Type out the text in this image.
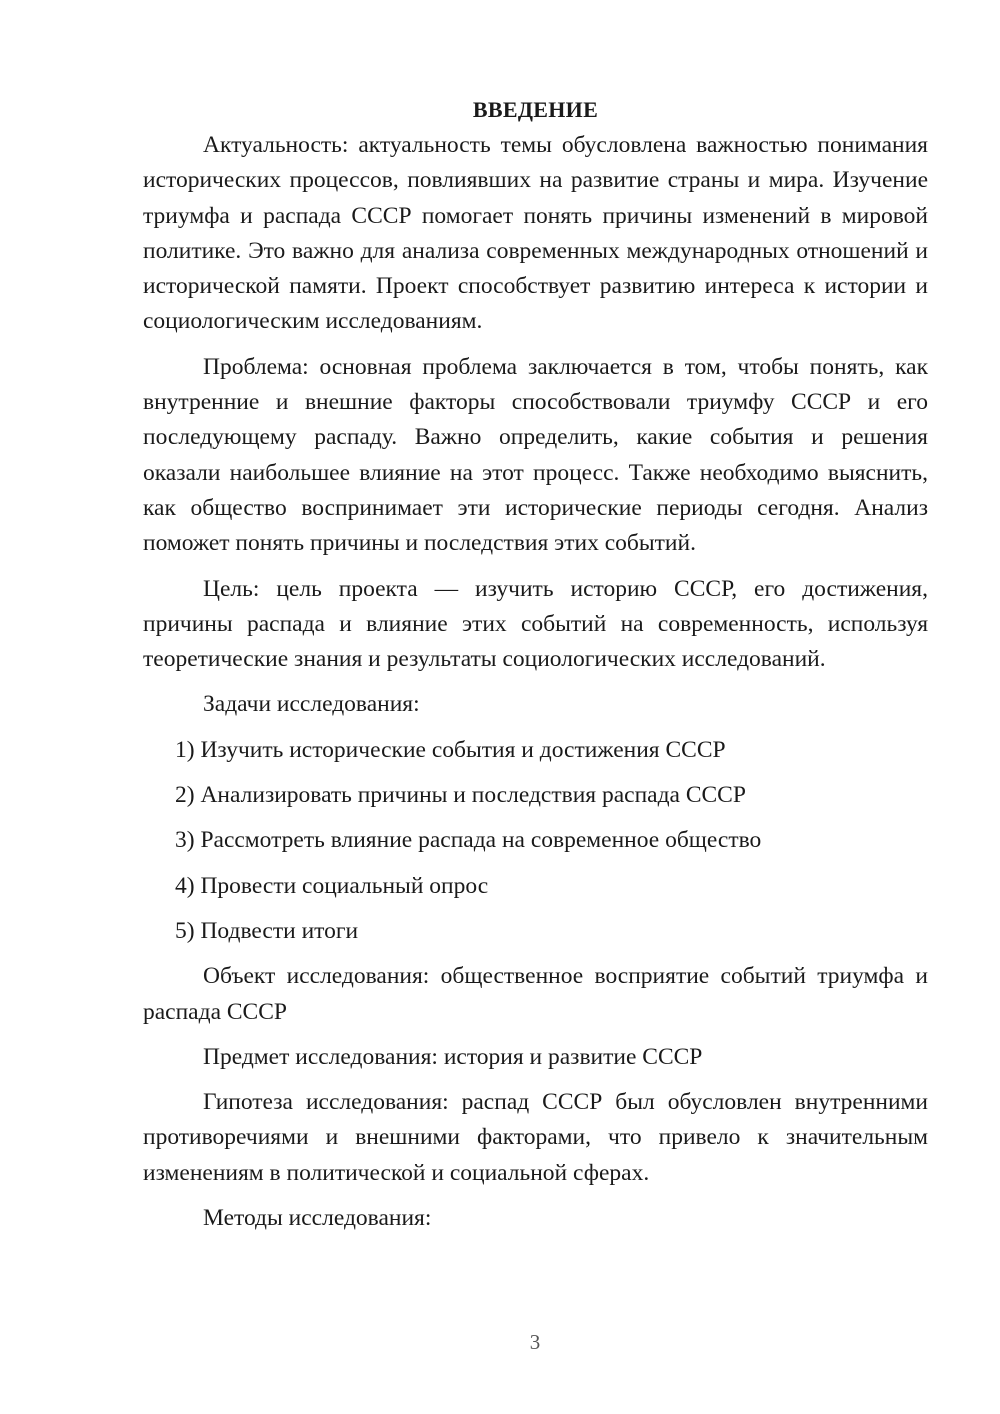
ВВЕДЕНИЕ

Актуальность: актуальность темы обусловлена важностью понимания исторических процессов, повлиявших на развитие страны и мира. Изучение триумфа и распада СССР помогает понять причины изменений в мировой политике. Это важно для анализа современных международных отношений и исторической памяти. Проект способствует развитию интереса к истории и социологическим исследованиям.

Проблема: основная проблема заключается в том, чтобы понять, как внутренние и внешние факторы способствовали триумфу СССР и его последующему распаду. Важно определить, какие события и решения оказали наибольшее влияние на этот процесс. Также необходимо выяснить, как общество воспринимает эти исторические периоды сегодня. Анализ поможет понять причины и последствия этих событий.

Цель: цель проекта — изучить историю СССР, его достижения, причины распада и влияние этих событий на современность, используя теоретические знания и результаты социологических исследований.

Задачи исследования:

1) Изучить исторические события и достижения СССР
2) Анализировать причины и последствия распада СССР
3) Рассмотреть влияние распада на современное общество
4) Провести социальный опрос
5) Подвести итоги

Объект исследования: общественное восприятие событий триумфа и распада СССР

Предмет исследования: история и развитие СССР

Гипотеза исследования: распад СССР был обусловлен внутренними противоречиями и внешними факторами, что привело к значительным изменениям в политической и социальной сферах.

Методы исследования:

3
